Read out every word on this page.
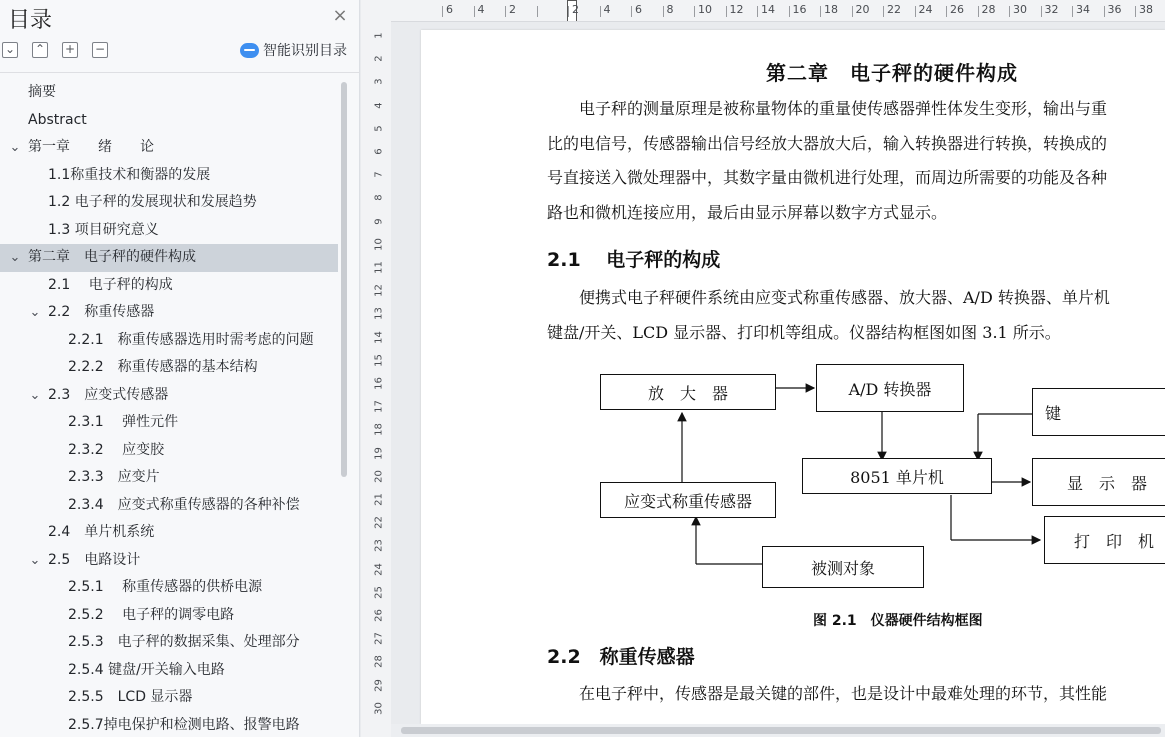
目录	×
⌄ ⌃ + −	智能识别目录
摘要
Abstract
⌄ 第一章　　绪　　论
1.1称重技术和衡器的发展
1.2 电子秤的发展现状和发展趋势
1.3 项目研究意义
⌄ 第二章　电子秤的硬件构成
2.1　 电子秤的构成
⌄ 2.2　称重传感器
2.2.1　称重传感器选用时需考虑的问题
2.2.2　称重传感器的基本结构
⌄ 2.3　应变式传感器
2.3.1　 弹性元件
2.3.2　 应变胶
2.3.3　应变片
2.3.4　应变式称重传感器的各种补偿
2.4　单片机系统
⌄ 2.5　电路设计
2.5.1　 称重传感器的供桥电源
2.5.2　 电子秤的调零电路
2.5.3　电子秤的数据采集、处理部分
2.5.4 键盘/开关输入电路
2.5.5　LCD 显示器
2.5.7掉电保护和检测电路、报警电路
6 4 2	2 4 6 8 10 12 14 16 18 20 22 24 26 28 30 32 34 36 38
1
2
3
4
5
6
7
8
9
10
11
12
13
14
15
16
17
18
19
20
21
22
23
24
25
26
27
28
29
30
第二章　电子秤的硬件构成
　　电子秤的测量原理是被称量物体的重量使传感器弹性体发生变形，输出与重
比的电信号，传感器输出信号经放大器放大后，输入转换器进行转换，转换成的
号直接送入微处理器中，其数字量由微机进行处理，而周边所需要的功能及各种
路也和微机连接应用，最后由显示屏幕以数字方式显示。
2.1　 电子秤的构成
　　便携式电子秤硬件系统由应变式称重传感器、放大器、A/D 转换器、单片机
键盘/开关、LCD 显示器、打印机等组成。仪器结构框图如图 3.1 所示。
放　大　器	A/D 转换器
键
8051 单片机	显　示　器
应变式称重传感器
打　印　机
被测对象
图 2.1　仪器硬件结构框图
2.2　称重传感器
　　在电子秤中，传感器是最关键的部件，也是设计中最难处理的环节，其性能
